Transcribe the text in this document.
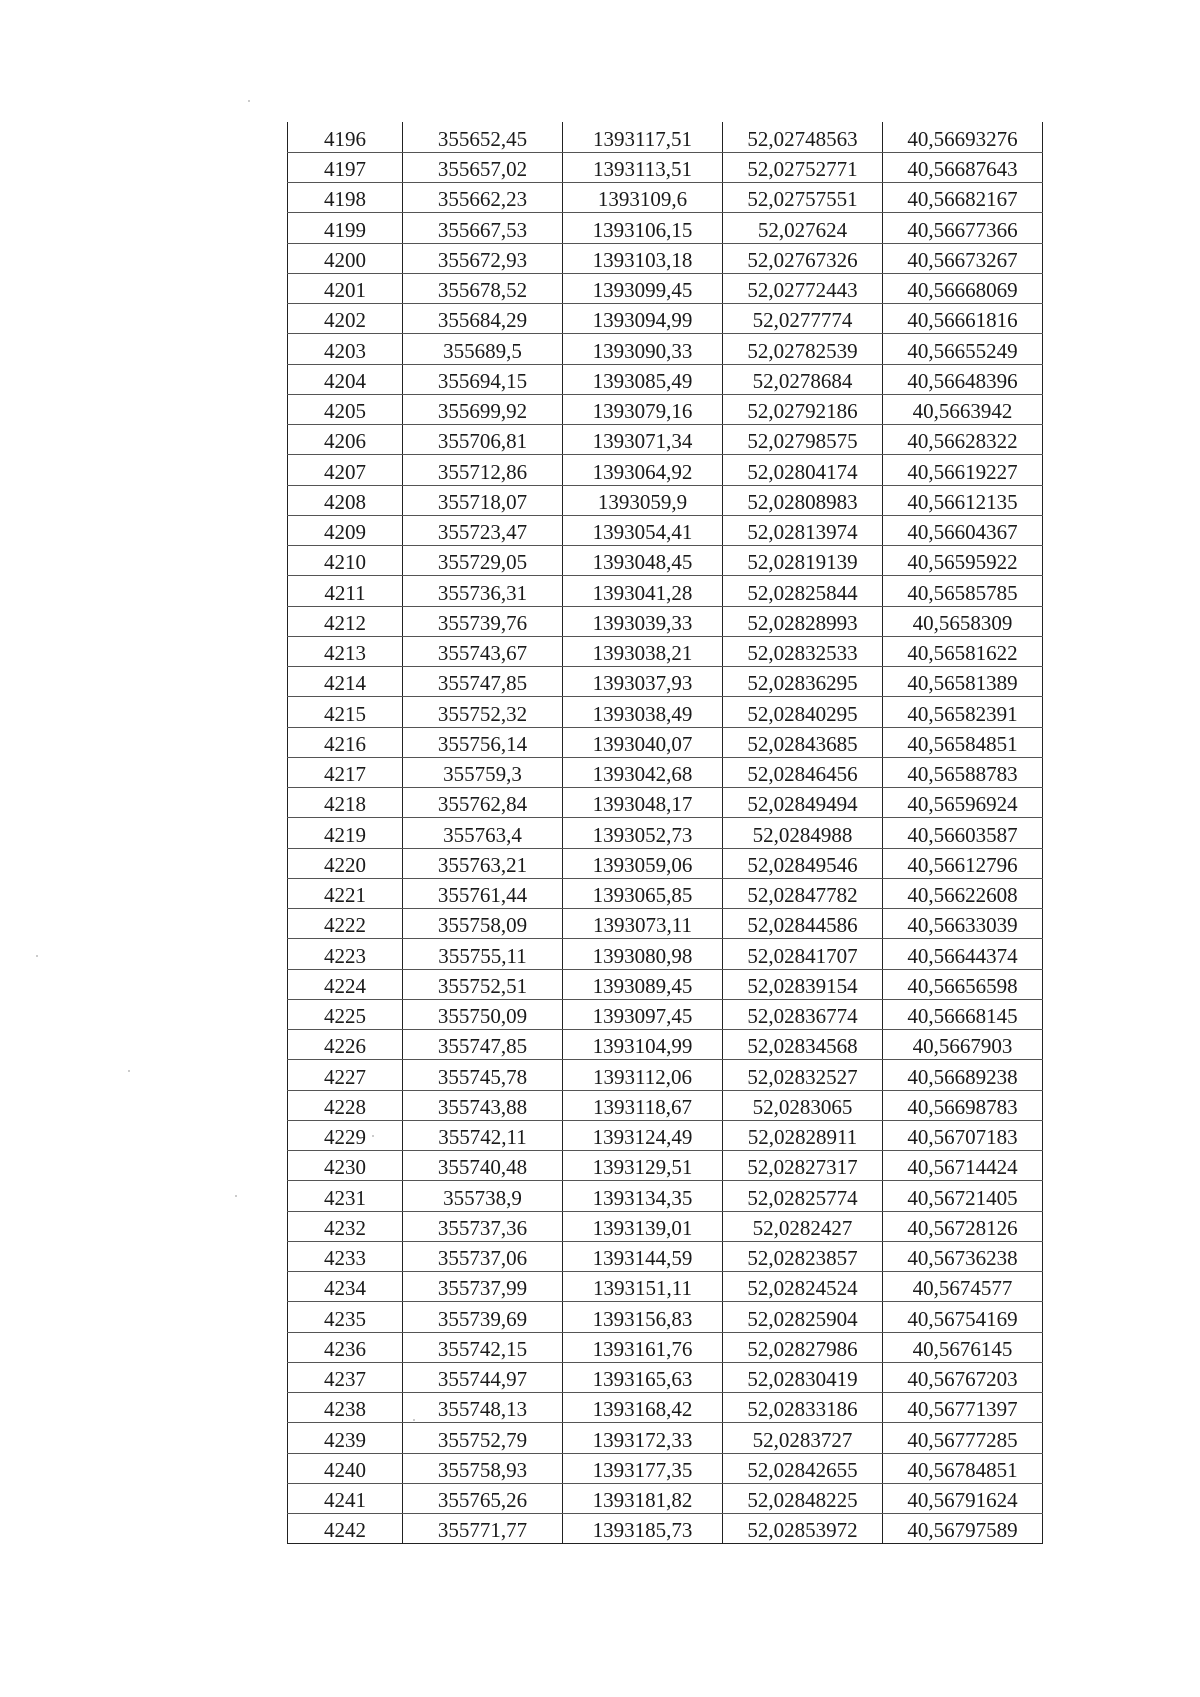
4196	355652,45	1393117,51	52,02748563	40,56693276
4197	355657,02	1393113,51	52,02752771	40,56687643
4198	355662,23	1393109,6	52,02757551	40,56682167
4199	355667,53	1393106,15	52,027624	40,56677366
4200	355672,93	1393103,18	52,02767326	40,56673267
4201	355678,52	1393099,45	52,02772443	40,56668069
4202	355684,29	1393094,99	52,0277774	40,56661816
4203	355689,5	1393090,33	52,02782539	40,56655249
4204	355694,15	1393085,49	52,0278684	40,56648396
4205	355699,92	1393079,16	52,02792186	40,5663942
4206	355706,81	1393071,34	52,02798575	40,56628322
4207	355712,86	1393064,92	52,02804174	40,56619227
4208	355718,07	1393059,9	52,02808983	40,56612135
4209	355723,47	1393054,41	52,02813974	40,56604367
4210	355729,05	1393048,45	52,02819139	40,56595922
4211	355736,31	1393041,28	52,02825844	40,56585785
4212	355739,76	1393039,33	52,02828993	40,5658309
4213	355743,67	1393038,21	52,02832533	40,56581622
4214	355747,85	1393037,93	52,02836295	40,56581389
4215	355752,32	1393038,49	52,02840295	40,56582391
4216	355756,14	1393040,07	52,02843685	40,56584851
4217	355759,3	1393042,68	52,02846456	40,56588783
4218	355762,84	1393048,17	52,02849494	40,56596924
4219	355763,4	1393052,73	52,0284988	40,56603587
4220	355763,21	1393059,06	52,02849546	40,56612796
4221	355761,44	1393065,85	52,02847782	40,56622608
4222	355758,09	1393073,11	52,02844586	40,56633039
4223	355755,11	1393080,98	52,02841707	40,56644374
4224	355752,51	1393089,45	52,02839154	40,56656598
4225	355750,09	1393097,45	52,02836774	40,56668145
4226	355747,85	1393104,99	52,02834568	40,5667903
4227	355745,78	1393112,06	52,02832527	40,56689238
4228	355743,88	1393118,67	52,0283065	40,56698783
4229	355742,11	1393124,49	52,02828911	40,56707183
4230	355740,48	1393129,51	52,02827317	40,56714424
4231	355738,9	1393134,35	52,02825774	40,56721405
4232	355737,36	1393139,01	52,0282427	40,56728126
4233	355737,06	1393144,59	52,02823857	40,56736238
4234	355737,99	1393151,11	52,02824524	40,5674577
4235	355739,69	1393156,83	52,02825904	40,56754169
4236	355742,15	1393161,76	52,02827986	40,5676145
4237	355744,97	1393165,63	52,02830419	40,56767203
4238	355748,13	1393168,42	52,02833186	40,56771397
4239	355752,79	1393172,33	52,0283727	40,56777285
4240	355758,93	1393177,35	52,02842655	40,56784851
4241	355765,26	1393181,82	52,02848225	40,56791624
4242	355771,77	1393185,73	52,02853972	40,56797589
